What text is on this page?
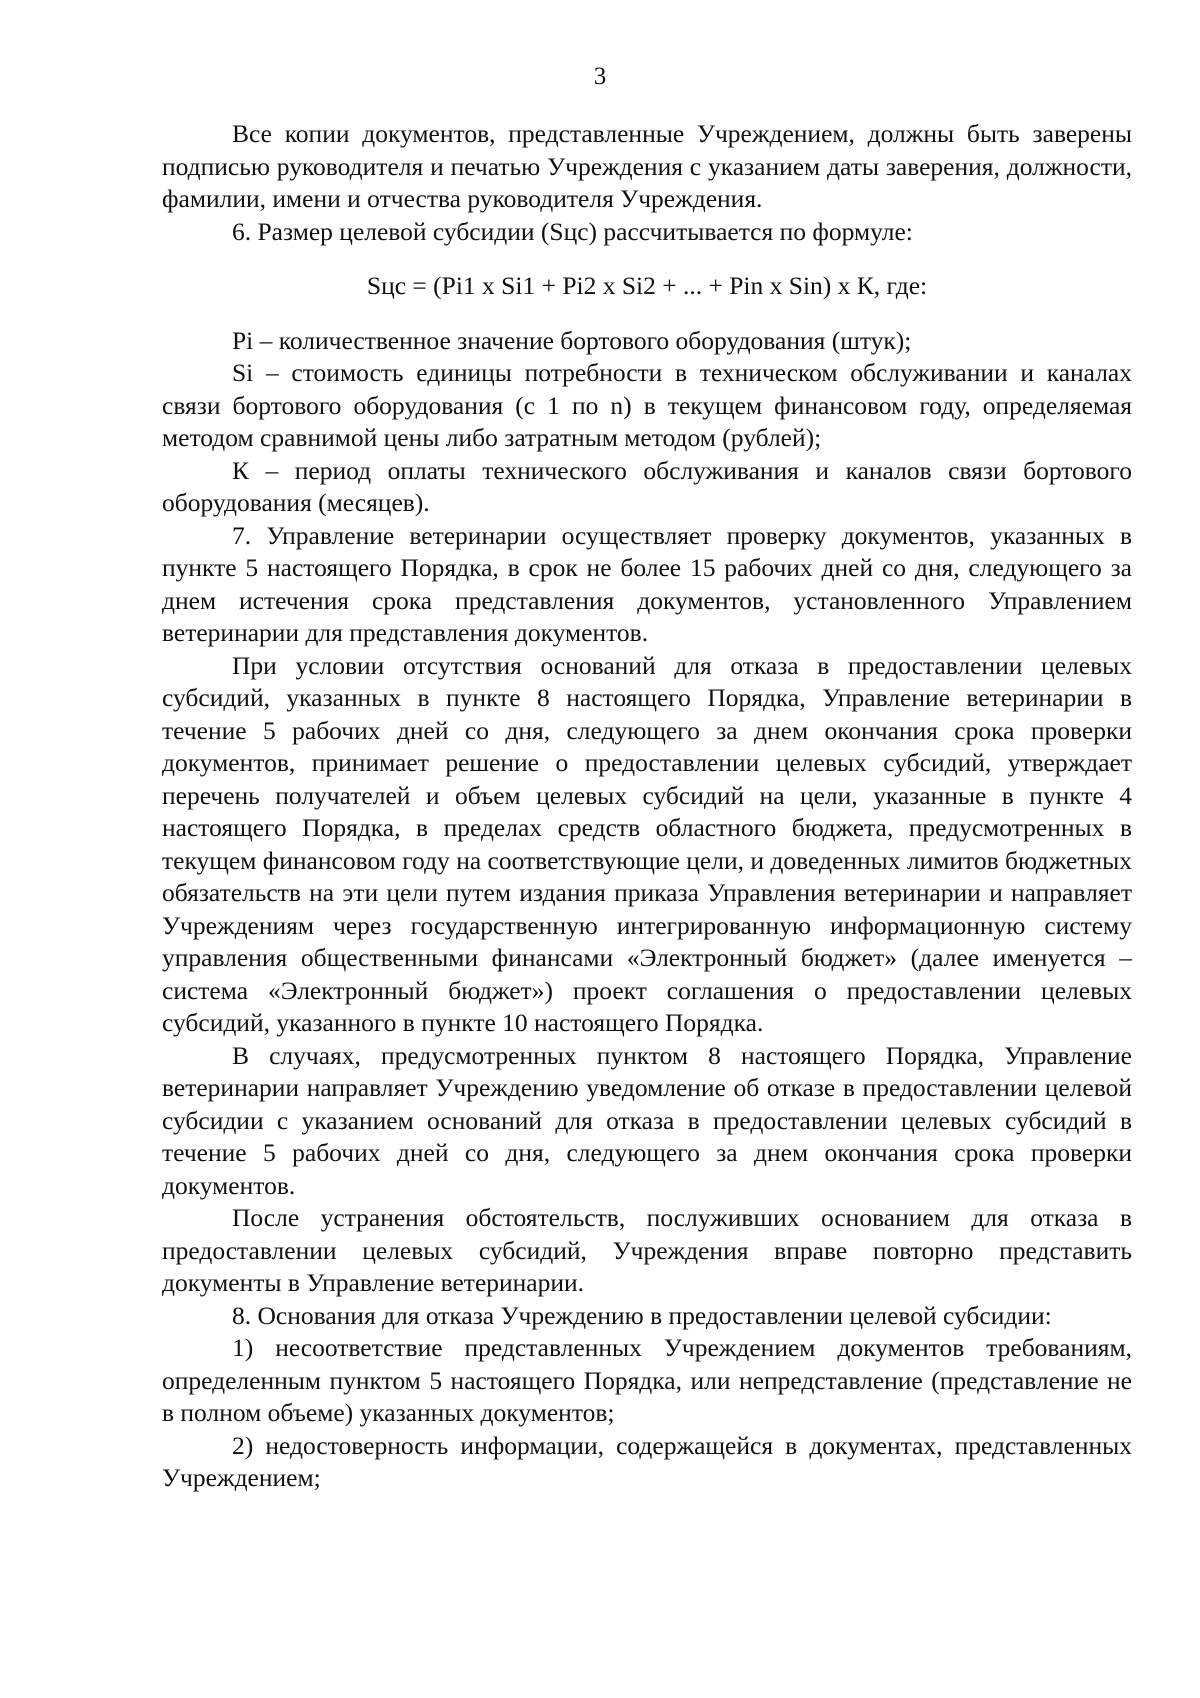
3

Все копии документов, представленные Учреждением, должны быть заверены подписью руководителя и печатью Учреждения с указанием даты заверения, должности, фамилии, имени и отчества руководителя Учреждения.

6. Размер целевой субсидии (Sцс) рассчитывается по формуле:

Sцс = (Pi1 x Si1 + Pi2 x Si2 + ... + Pin x Sin) x К, где:

Pi – количественное значение бортового оборудования (штук);

Si – стоимость единицы потребности в техническом обслуживании и каналах связи бортового оборудования (с 1 по n) в текущем финансовом году, определяемая методом сравнимой цены либо затратным методом (рублей);

К – период оплаты технического обслуживания и каналов связи бортового оборудования (месяцев).

7. Управление ветеринарии осуществляет проверку документов, указанных в пункте 5 настоящего Порядка, в срок не более 15 рабочих дней со дня, следующего за днем истечения срока представления документов, установленного Управлением ветеринарии для представления документов.

При условии отсутствия оснований для отказа в предоставлении целевых субсидий, указанных в пункте 8 настоящего Порядка, Управление ветеринарии в течение 5 рабочих дней со дня, следующего за днем окончания срока проверки документов, принимает решение о предоставлении целевых субсидий, утверждает перечень получателей и объем целевых субсидий на цели, указанные в пункте 4 настоящего Порядка, в пределах средств областного бюджета, предусмотренных в текущем финансовом году на соответствующие цели, и доведенных лимитов бюджетных обязательств на эти цели путем издания приказа Управления ветеринарии и направляет Учреждениям через государственную интегрированную информационную систему управления общественными финансами «Электронный бюджет» (далее именуется – система «Электронный бюджет») проект соглашения о предоставлении целевых субсидий, указанного в пункте 10 настоящего Порядка.

В случаях, предусмотренных пунктом 8 настоящего Порядка, Управление ветеринарии направляет Учреждению уведомление об отказе в предоставлении целевой субсидии с указанием оснований для отказа в предоставлении целевых субсидий в течение 5 рабочих дней со дня, следующего за днем окончания срока проверки документов.

После устранения обстоятельств, послуживших основанием для отказа в предоставлении целевых субсидий, Учреждения вправе повторно представить документы в Управление ветеринарии.

8. Основания для отказа Учреждению в предоставлении целевой субсидии:

1) несоответствие представленных Учреждением документов требованиям, определенным пунктом 5 настоящего Порядка, или непредставление (представление не в полном объеме) указанных документов;

2) недостоверность информации, содержащейся в документах, представленных Учреждением;
